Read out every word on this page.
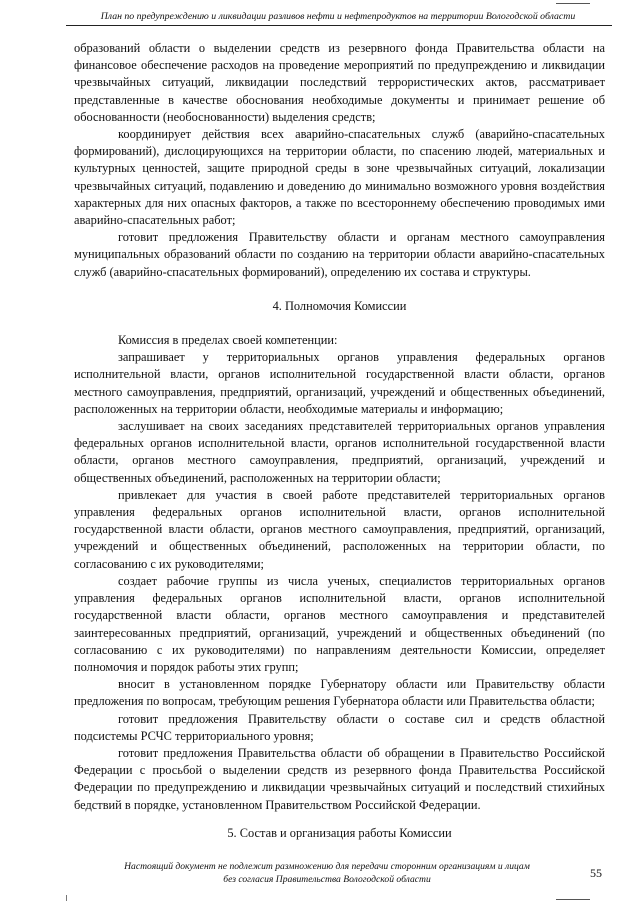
План по предупреждению и ликвидации разливов нефти и нефтепродуктов на территории Вологодской области

образований области о выделении средств из резервного фонда Правительства области на финансовое обеспечение расходов на проведение мероприятий по предупреждению и ликвидации чрезвычайных ситуаций, ликвидации последствий террористических актов, рассматривает представленные в качестве обоснования необходимые документы и принимает решение об обоснованности (необоснованности) выделения средств;

координирует действия всех аварийно-спасательных служб (аварийно-спасательных формирований), дислоцирующихся на территории области, по спасению людей, материальных и культурных ценностей, защите природной среды в зоне чрезвычайных ситуаций, локализации чрезвычайных ситуаций, подавлению и доведению до минимально возможного уровня воздействия характерных для них опасных факторов, а также по всестороннему обеспечению проводимых ими аварийно-спасательных работ;

готовит предложения Правительству области и органам местного самоуправления муниципальных образований области по созданию на территории области аварийно-спасательных служб (аварийно-спасательных формирований), определению их состава и структуры.

4. Полномочия Комиссии

Комиссия в пределах своей компетенции:

запрашивает у территориальных органов управления федеральных органов исполнительной власти, органов исполнительной государственной власти области, органов местного самоуправления, предприятий, организаций, учреждений и общественных объединений, расположенных на территории области, необходимые материалы и информацию;

заслушивает на своих заседаниях представителей территориальных органов управления федеральных органов исполнительной власти, органов исполнительной государственной власти области, органов местного самоуправления, предприятий, организаций, учреждений и общественных объединений, расположенных на территории области;

привлекает для участия в своей работе представителей территориальных органов управления федеральных органов исполнительной власти, органов исполнительной государственной власти области, органов местного самоуправления, предприятий, организаций, учреждений и общественных объединений, расположенных на территории области, по согласованию с их руководителями;

создает рабочие группы из числа ученых, специалистов территориальных органов управления федеральных органов исполнительной власти, органов исполнительной государственной власти области, органов местного самоуправления и представителей заинтересованных предприятий, организаций, учреждений и общественных объединений (по согласованию с их руководителями) по направлениям деятельности Комиссии, определяет полномочия и порядок работы этих групп;

вносит в установленном порядке Губернатору области или Правительству области предложения по вопросам, требующим решения Губернатора области или Правительства области;

готовит предложения Правительству области о составе сил и средств областной подсистемы РСЧС территориального уровня;

готовит предложения Правительства области об обращении в Правительство Российской Федерации с просьбой о выделении средств из резервного фонда Правительства Российской Федерации по предупреждению и ликвидации чрезвычайных ситуаций и последствий стихийных бедствий в порядке, установленном Правительством Российской Федерации.

5. Состав и организация работы Комиссии
Настоящий документ не подлежит размножению для передачи сторонним организациям и лицам
без согласия Правительства Вологодской области	55
